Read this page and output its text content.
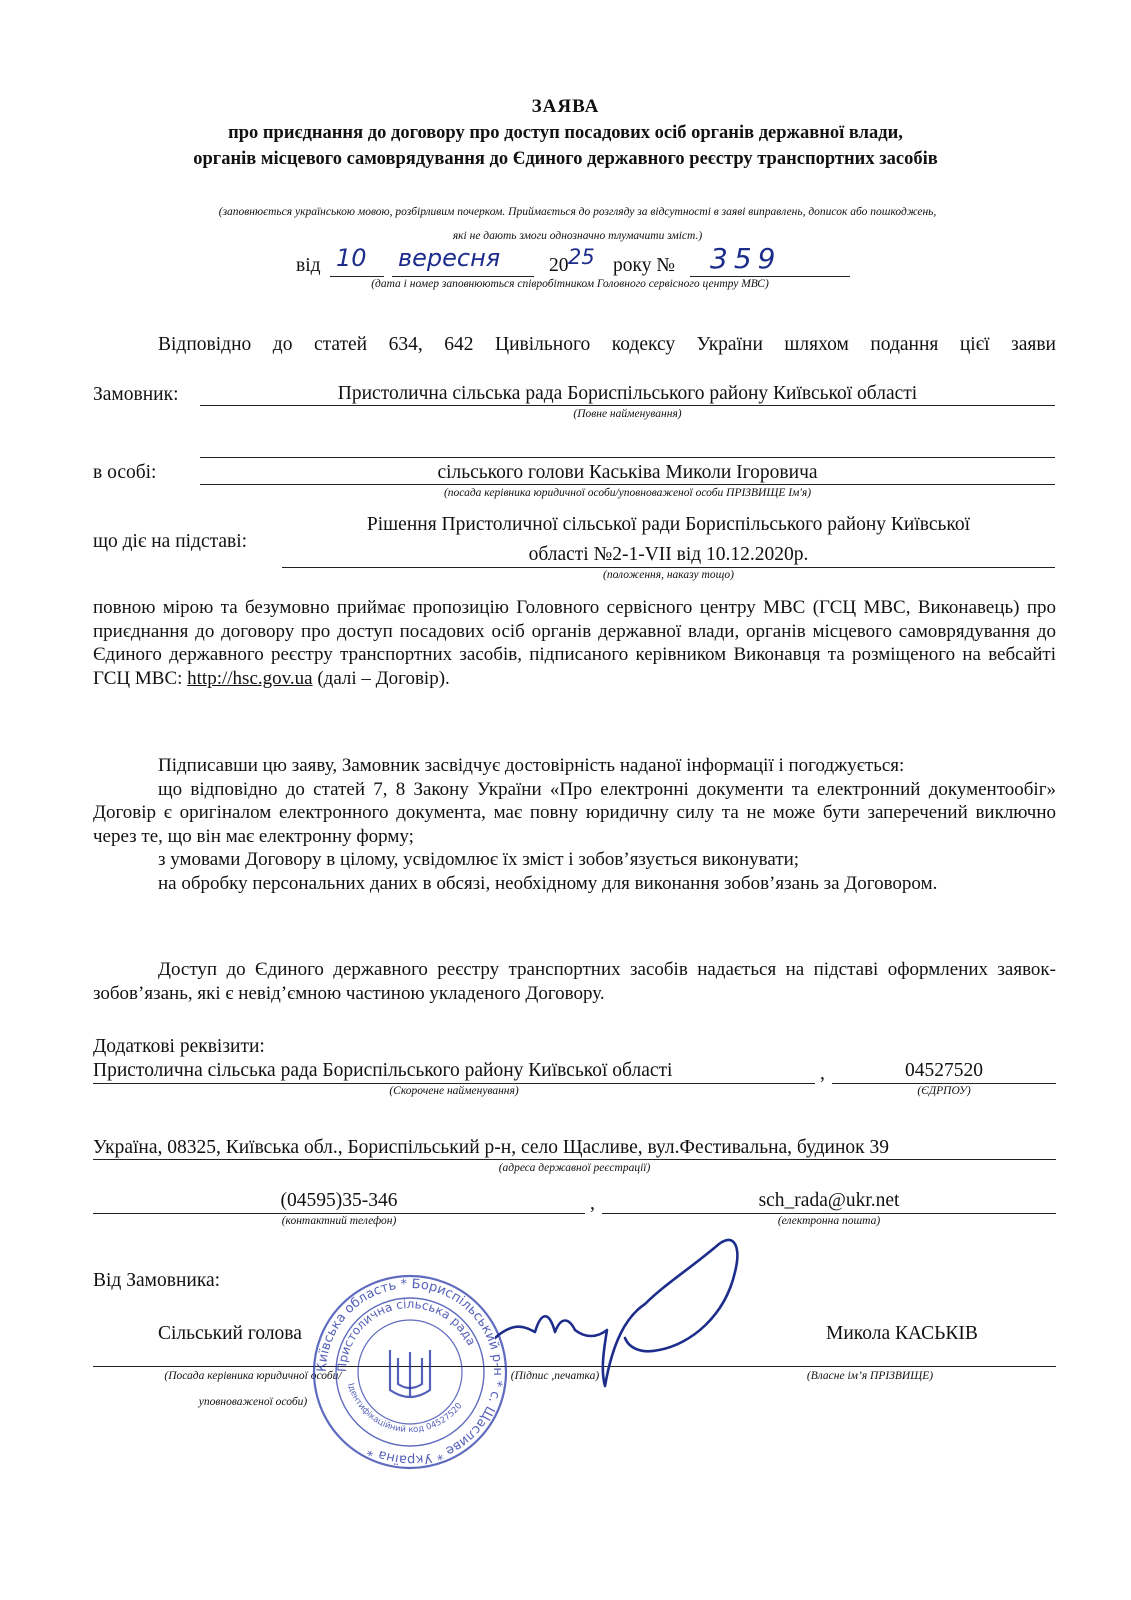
ЗАЯВА
про приєднання до договору про доступ посадових осіб органів державної влади,
органів місцевого самоврядування до Єдиного державного реєстру транспортних засобів
(заповнюється українською мовою, розбірливим почерком. Приймається до розгляду за відсутності в заяві виправлень, дописок або пошкоджень,
які не дають змоги однозначно тлумачити зміст.)
від 10 вересня	20 25 року № 359
(дата і номер заповнюються співробітником Головного сервісного центру МВС)
Відповідно до статей 634, 642 Цивільного кодексу України шляхом подання цієї заяви
Замовник:	Пристолична сільська рада Бориспільського району Київської області
(Повне найменування)
в особі:	сільського голови Каськіва Миколи Ігоровича
(посада керівника юридичної особи/уповноваженої особи ПРІЗВИЩЕ Ім'я)
що діє на підставі:
Рішення Пристоличної сільської ради Бориспільського району Київської
області №2-1-VII від 10.12.2020р.
(положення, наказу тощо)
повною мірою та безумовно приймає пропозицію Головного сервісного центру МВС (ГСЦ МВС, Виконавець) про приєднання до договору про доступ посадових осіб органів державної влади, органів місцевого самоврядування до Єдиного державного реєстру транспортних засобів, підписаного керівником Виконавця та розміщеного на вебсайті ГСЦ МВС: http://hsc.gov.ua (далі – Договір).

Підписавши цю заяву, Замовник засвідчує достовірність наданої інформації і погоджується:

що відповідно до статей 7, 8 Закону України «Про електронні документи та електронний документообіг» Договір є оригіналом електронного документа, має повну юридичну силу та не може бути заперечений виключно через те, що він має електронну форму;

з умовами Договору в цілому, усвідомлює їх зміст і зобов’язується виконувати;

на обробку персональних даних в обсязі, необхідному для виконання зобов’язань за Договором.

Доступ до Єдиного державного реєстру транспортних засобів надається на підставі оформлених заявок-зобов’язань, які є невід’ємною частиною укладеного Договору.

Додаткові реквізити:
Пристолична сільська рада Бориспільського району Київської області	,	04527520
(Скорочене найменування)	(ЄДРПОУ)
Україна, 08325, Київська обл., Бориспільський р-н, село Щасливе, вул.Фестивальна, будинок 39
(адреса державної реєстрації)
(04595)35-346	,	sch_rada@ukr.net
(контактний телефон)	(електронна пошта)
Від Замовника:
Сільський голова	Микола КАСЬКІВ
(Посада керівника юридичної особи/
уповноваженої особи)
(Підпис ,печатка)	(Власне ім’я ПРІЗВИЩЕ)
Київська область * Бориспільський р-н * с. Щасливе * Україна *
Пристолична сільська рада
Ідентифікаційний код 04527520
